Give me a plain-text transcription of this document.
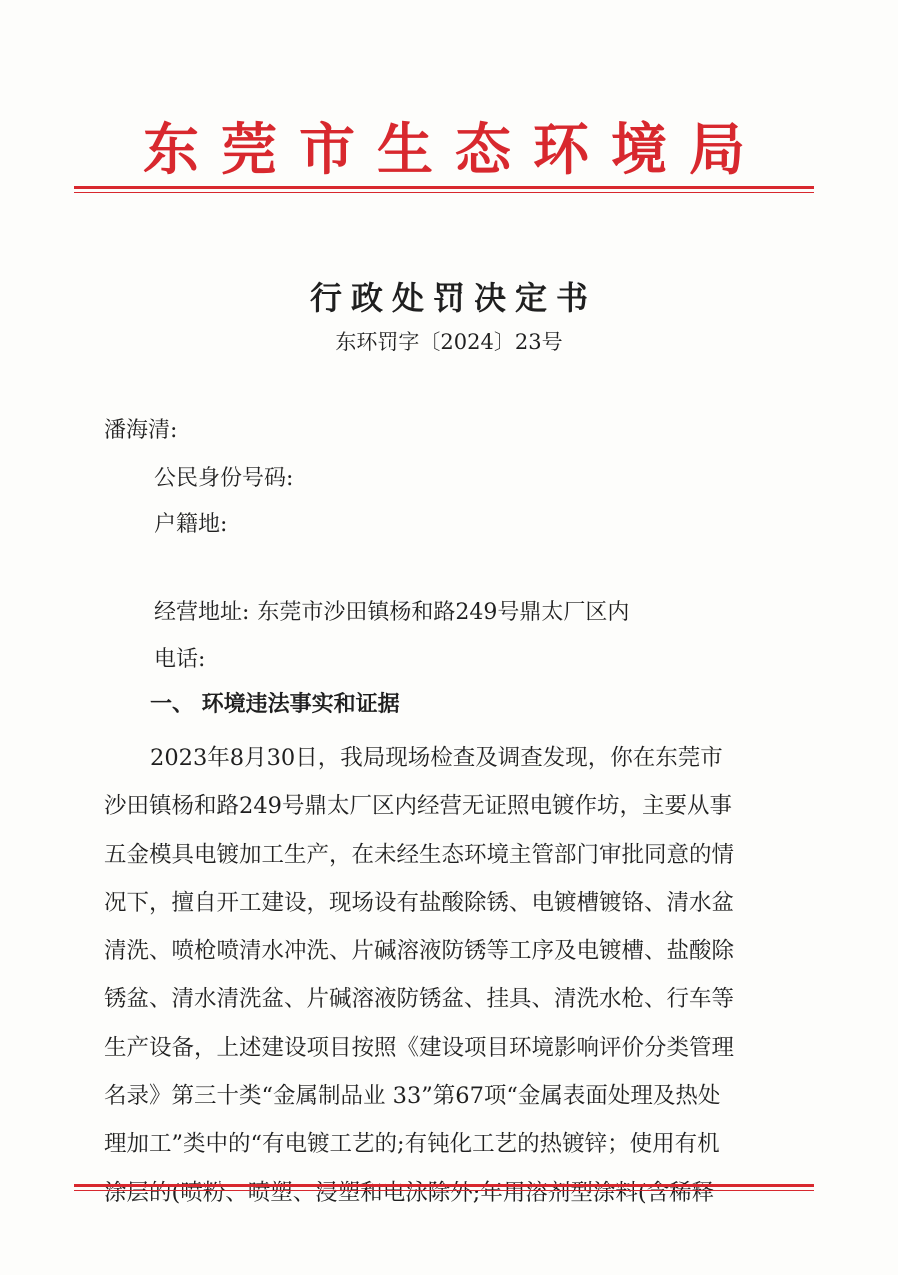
东莞市生态环境局
行政处罚决定书
东环罚字〔2024〕23号
潘海清:
公民身份号码:
户籍地:
经营地址: 东莞市沙田镇杨和路249号鼎太厂区内
电话:
一、 环境违法事实和证据
2023年8月30日，我局现场检查及调查发现，你在东莞市
沙田镇杨和路249号鼎太厂区内经营无证照电镀作坊，主要从事
五金模具电镀加工生产，在未经生态环境主管部门审批同意的情
况下，擅自开工建设，现场设有盐酸除锈、电镀槽镀铬、清水盆
清洗、喷枪喷清水冲洗、片碱溶液防锈等工序及电镀槽、盐酸除
锈盆、清水清洗盆、片碱溶液防锈盆、挂具、清洗水枪、行车等
生产设备，上述建设项目按照《建设项目环境影响评价分类管理
名录》第三十类“金属制品业 33”第67项“金属表面处理及热处
理加工”类中的“有电镀工艺的;有钝化工艺的热镀锌；使用有机
涂层的(喷粉、喷塑、浸塑和电泳除外;年用溶剂型涂料(含稀释
